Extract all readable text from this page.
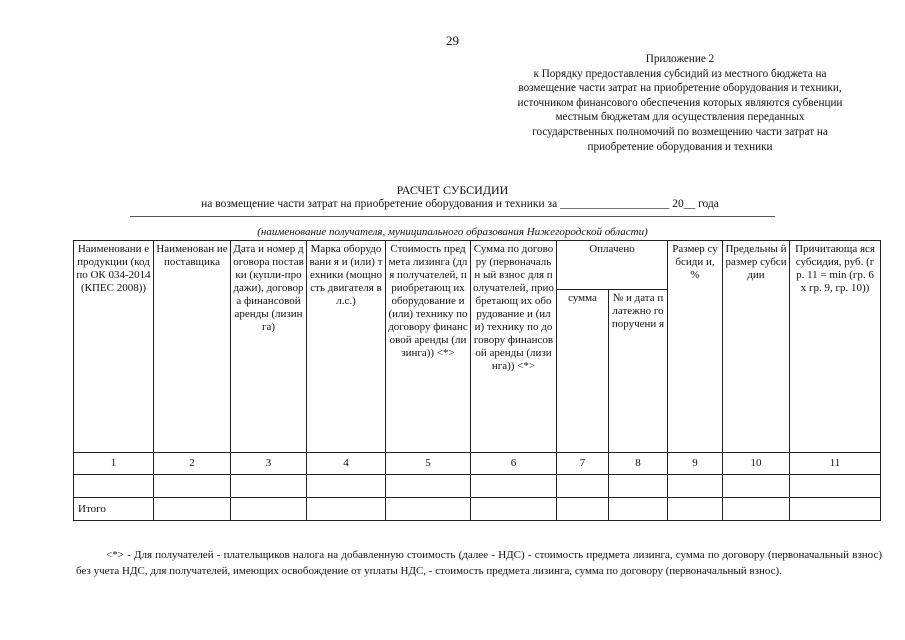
29
Приложение 2
к Порядку предоставления субсидий из местного бюджета на
возмещение части затрат на приобретение оборудования и техники,
источником финансового обеспечения которых являются субвенции
местным бюджетам для осуществления переданных
государственных полномочий по возмещению части затрат на
приобретение оборудования и техники
РАСЧЕТ СУБСИДИИ
на возмещение части затрат на приобретение оборудования и техники за ___________________ 20__ года
(наименование получателя, муниципального образования Нижегородской области)
Наименовани е продукции (код по ОК 034-2014 (КПЕС 2008))	Наименован ие поставщика	Дата и номер договора поставки (купли-продажи), договора финансовой аренды (лизинга)	Марка оборудовани я и (или) техники (мощность двигателя в л.с.)	Стоимость предмета лизинга (для получателей, приобретающ их оборудование и (или) технику по договору финансовой аренды (лизинга)) <*>	Сумма по договору (первоначальн ый взнос для получателей, приобретающ их оборудование и (или) технику по договору финансовой аренды (лизинга)) <*>	Оплачено		Размер субсиди и, %	Предельны й размер субсидии	Причитающа яся субсидия, руб. (гр. 11 = min (гр. 6 x гр. 9, гр. 10))
						сумма	№ и дата платежно го поручени я			
1	2	3	4	5	6	7	8	9	10	11

Итого										
<*> - Для получателей - плательщиков налога на добавленную стоимость (далее - НДС) - стоимость предмета лизинга, сумма по договору (первоначальный взнос) без учета НДС, для получателей, имеющих освобождение от уплаты НДС, - стоимость предмета лизинга, сумма по договору (первоначальный взнос).
